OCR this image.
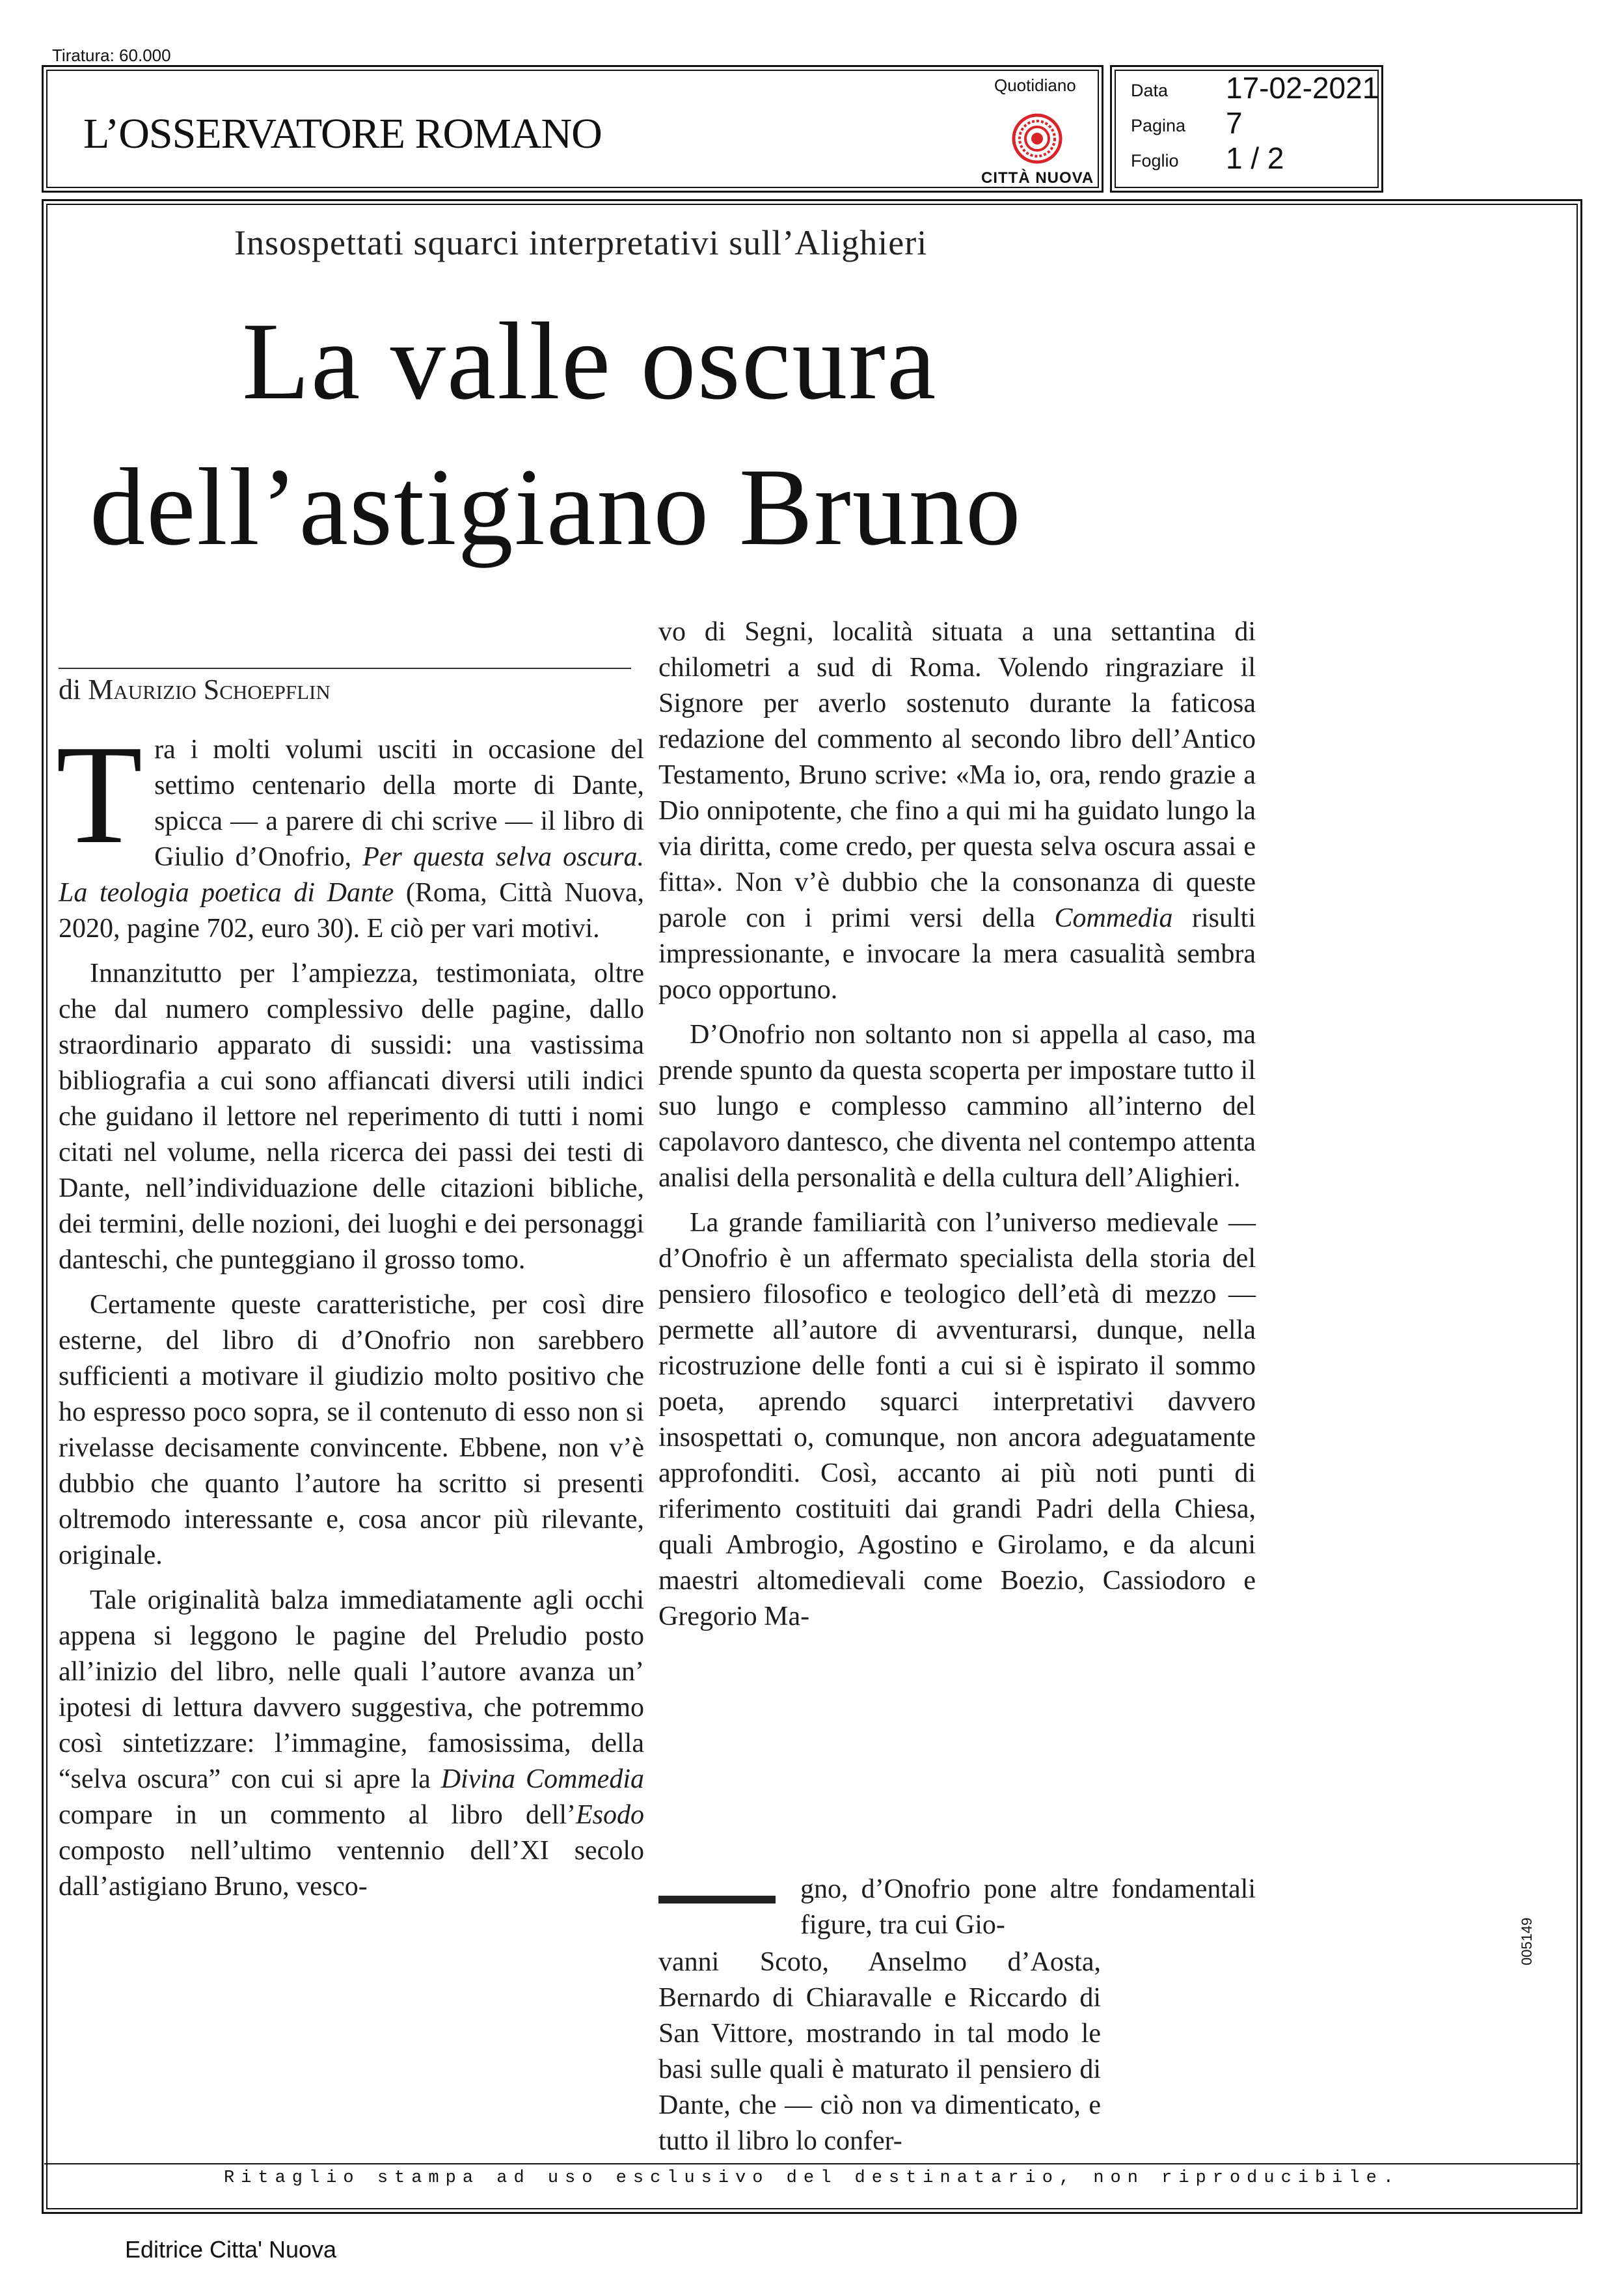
Tiratura: 60.000
L’OSSERVATORE ROMANO
Quotidiano
CITTÀ NUOVA
Data 17-02-2021
Pagina 7
Foglio 1 / 2
Insospettati squarci interpretativi sull’Alighieri
La valle oscura
dell’astigiano Bruno
di Maurizio Schoepflin

Tra i molti volumi usciti in occasione del settimo centenario della morte di Dante, spicca — a parere di chi scrive — il libro di Giulio d’Onofrio, Per questa selva oscura. La teologia poetica di Dante (Roma, Città Nuova, 2020, pagine 702, euro 30). E ciò per vari motivi.

Innanzitutto per l’ampiezza, testimoniata, oltre che dal numero complessivo delle pagine, dallo straordinario apparato di sussidi: una vastissima bibliografia a cui sono affiancati diversi utili indici che guidano il lettore nel reperimento di tutti i nomi citati nel volume, nella ricerca dei passi dei testi di Dante, nell’individuazione delle citazioni bibliche, dei termini, delle nozioni, dei luoghi e dei personaggi danteschi, che punteggiano il grosso tomo.

Certamente queste caratteristiche, per così dire esterne, del libro di d’Onofrio non sarebbero sufficienti a motivare il giudizio molto positivo che ho espresso poco sopra, se il contenuto di esso non si rivelasse decisamente convincente. Ebbene, non v’è dubbio che quanto l’autore ha scritto si presenti oltremodo interessante e, cosa ancor più rilevante, originale.

Tale originalità balza immediatamente agli occhi appena si leggono le pagine del Preludio posto all’inizio del libro, nelle quali l’autore avanza un’ ipotesi di lettura davvero suggestiva, che potremmo così sintetizzare: l’immagine, famosissima, della “selva oscura” con cui si apre la Divina Commedia compare in un commento al libro dell’Esodo composto nell’ultimo ventennio dell’XI secolo dall’astigiano Bruno, vesco-

vo di Segni, località situata a una settantina di chilometri a sud di Roma. Volendo ringraziare il Signore per averlo sostenuto durante la faticosa redazione del commento al secondo libro dell’Antico Testamento, Bruno scrive: «Ma io, ora, rendo grazie a Dio onnipotente, che fino a qui mi ha guidato lungo la via diritta, come credo, per questa selva oscura assai e fitta». Non v’è dubbio che la consonanza di queste parole con i primi versi della Commedia risulti impressionante, e invocare la mera casualità sembra poco opportuno.

D’Onofrio non soltanto non si appella al caso, ma prende spunto da questa scoperta per impostare tutto il suo lungo e complesso cammino all’interno del capolavoro dantesco, che diventa nel contempo attenta analisi della personalità e della cultura dell’Alighieri.

La grande familiarità con l’universo medievale — d’Onofrio è un affermato specialista della storia del pensiero filosofico e teologico dell’età di mezzo — permette all’autore di avventurarsi, dunque, nella ricostruzione delle fonti a cui si è ispirato il sommo poeta, aprendo squarci interpretativi davvero insospettati o, comunque, non ancora adeguatamente approfonditi. Così, accanto ai più noti punti di riferimento costituiti dai grandi Padri della Chiesa, quali Ambrogio, Agostino e Girolamo, e da alcuni maestri altomedievali come Boezio, Cassiodoro e Gregorio Ma-

gno, d’Onofrio pone altre fondamentali figure, tra cui Gio-

vanni Scoto, Anselmo d’Aosta, Bernardo di Chiaravalle e Riccardo di San Vittore, mostrando in tal modo le basi sulle quali è maturato il pensiero di Dante, che — ciò non va dimenticato, e tutto il libro lo confer-

Ritaglio stampa ad uso esclusivo del destinatario, non riproducibile.
005149
Editrice Citta' Nuova
